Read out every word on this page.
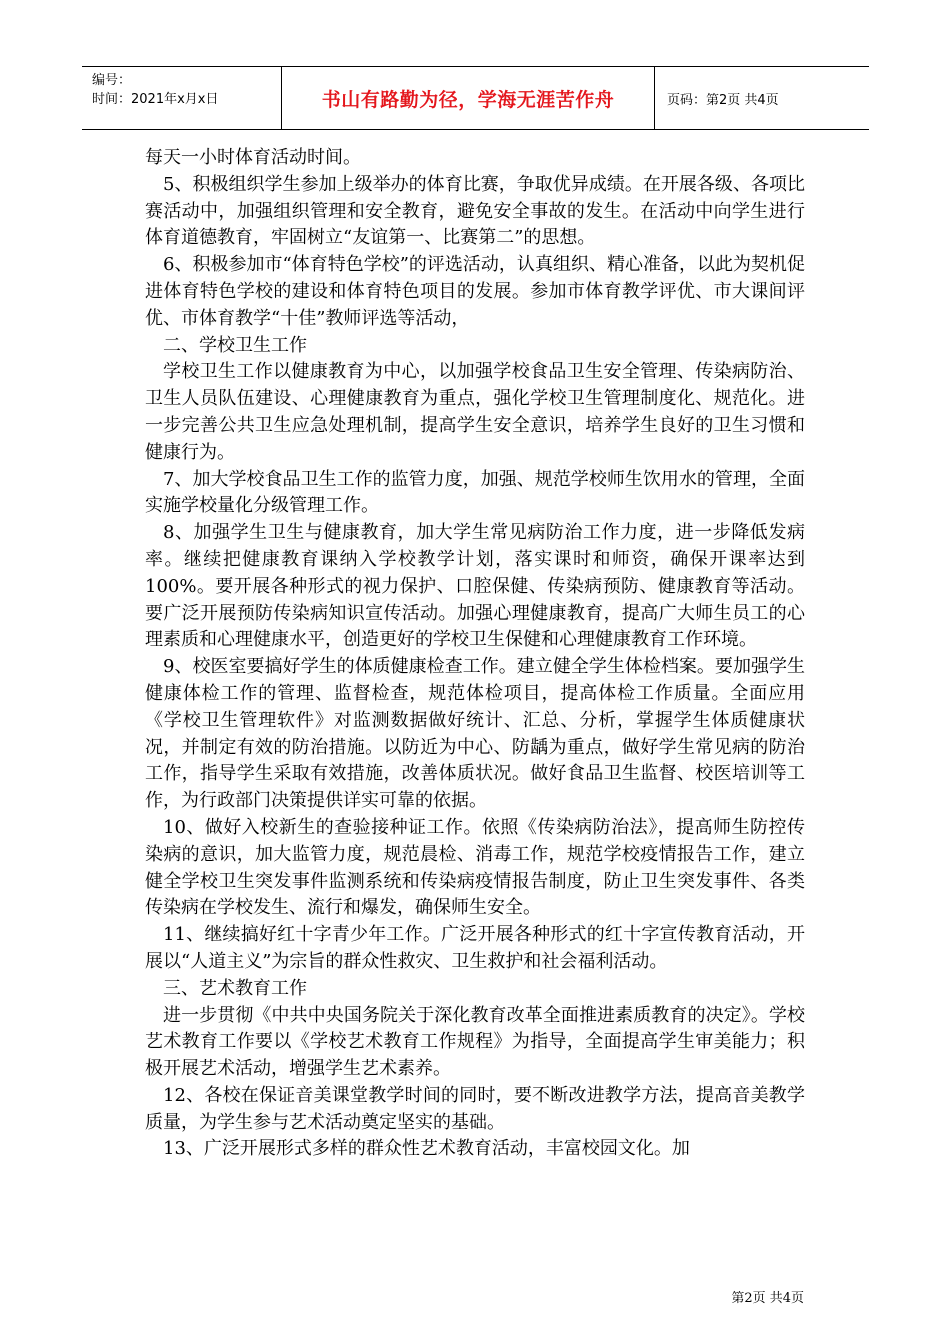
编号：
时间：2021年x月x日	书山有路勤为径，学海无涯苦作舟	页码：第2页 共4页

每天一小时体育活动时间。

5、积极组织学生参加上级举办的体育比赛，争取优异成绩。在开展各级、各项比赛活动中，加强组织管理和安全教育，避免安全事故的发生。在活动中向学生进行体育道德教育，牢固树立“友谊第一、比赛第二”的思想。

6、积极参加市“体育特色学校”的评选活动，认真组织、精心准备，以此为契机促进体育特色学校的建设和体育特色项目的发展。参加市体育教学评优、市大课间评优、市体育教学“十佳”教师评选等活动，

二、学校卫生工作

学校卫生工作以健康教育为中心，以加强学校食品卫生安全管理、传染病防治、卫生人员队伍建设、心理健康教育为重点，强化学校卫生管理制度化、规范化。进一步完善公共卫生应急处理机制，提高学生安全意识，培养学生良好的卫生习惯和健康行为。

7、加大学校食品卫生工作的监管力度，加强、规范学校师生饮用水的管理，全面实施学校量化分级管理工作。

8、加强学生卫生与健康教育，加大学生常见病防治工作力度，进一步降低发病率。继续把健康教育课纳入学校教学计划，落实课时和师资，确保开课率达到100%。要开展各种形式的视力保护、口腔保健、传染病预防、健康教育等活动。要广泛开展预防传染病知识宣传活动。加强心理健康教育，提高广大师生员工的心理素质和心理健康水平，创造更好的学校卫生保健和心理健康教育工作环境。

9、校医室要搞好学生的体质健康检查工作。建立健全学生体检档案。要加强学生健康体检工作的管理、监督检查，规范体检项目，提高体检工作质量。全面应用《学校卫生管理软件》对监测数据做好统计、汇总、分析，掌握学生体质健康状况，并制定有效的防治措施。以防近为中心、防龋为重点，做好学生常见病的防治工作，指导学生采取有效措施，改善体质状况。做好食品卫生监督、校医培训等工作，为行政部门决策提供详实可靠的依据。

10、做好入校新生的查验接种证工作。依照《传染病防治法》，提高师生防控传染病的意识，加大监管力度，规范晨检、消毒工作，规范学校疫情报告工作，建立健全学校卫生突发事件监测系统和传染病疫情报告制度，防止卫生突发事件、各类传染病在学校发生、流行和爆发，确保师生安全。

11、继续搞好红十字青少年工作。广泛开展各种形式的红十字宣传教育活动，开展以“人道主义”为宗旨的群众性救灾、卫生救护和社会福利活动。

三、艺术教育工作

进一步贯彻《中共中央国务院关于深化教育改革全面推进素质教育的决定》。学校艺术教育工作要以《学校艺术教育工作规程》为指导，全面提高学生审美能力；积极开展艺术活动，增强学生艺术素养。

12、各校在保证音美课堂教学时间的同时，要不断改进教学方法，提高音美教学质量，为学生参与艺术活动奠定坚实的基础。

13、广泛开展形式多样的群众性艺术教育活动，丰富校园文化。加

第2页 共4页
